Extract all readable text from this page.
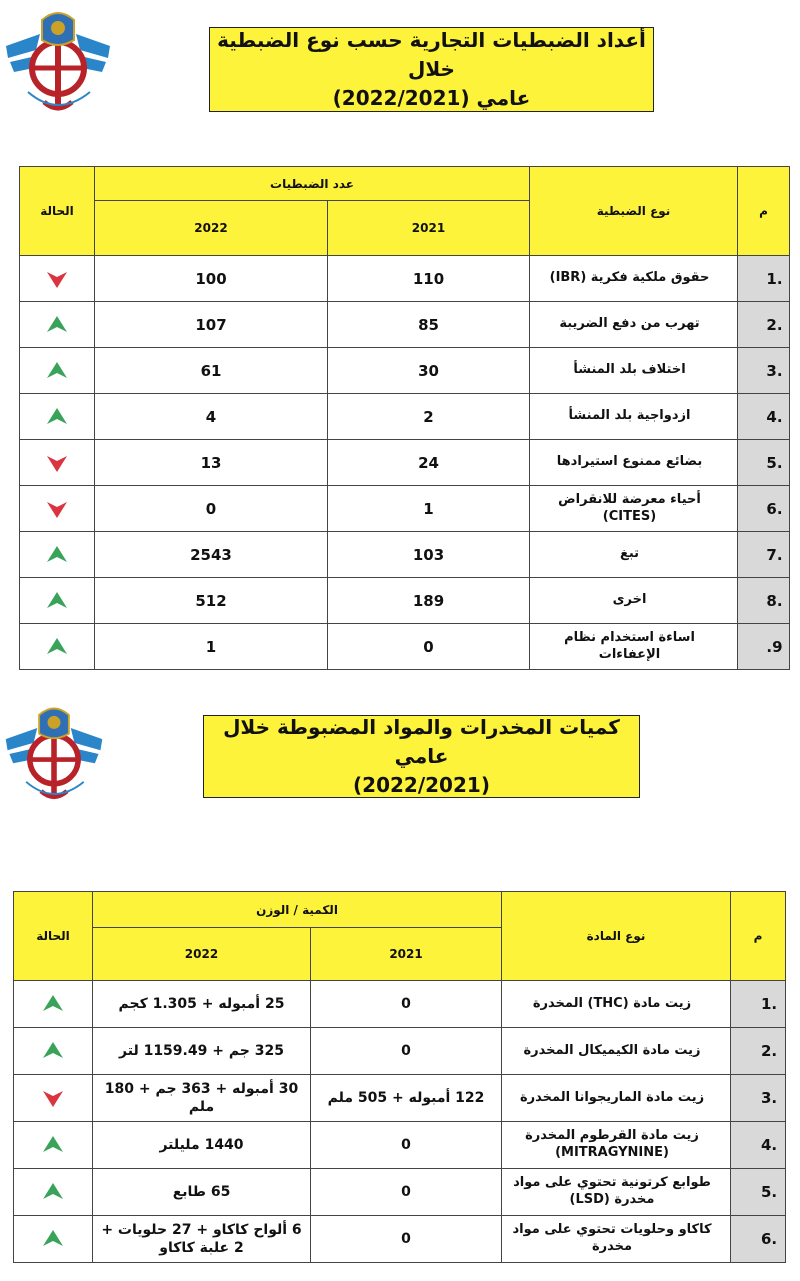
أعداد الضبطيات التجارية حسب نوع الضبطية خلال
عامي (2022/2021)
م	نوع الضبطية	عدد الضبطيات		الحالة
		2021	2022	
1.	حقوق ملكية فكرية (IBR)	110	100	
2.	تهرب من دفع الضريبة	85	107	
3.	اختلاف بلد المنشأ	30	61	
4.	ازدواجية بلد المنشأ	2	4	
5.	بضائع ممنوع استيرادها	24	13	
6.	أحياء معرضة للانقراض (CITES)	1	0	
7.	تبغ	103	2543	
8.	اخرى	189	512	
.9	اساءة استخدام نظام الإعفاءات	0	1	
كميات المخدرات والمواد المضبوطة خلال عامي
(2022/2021)
م	نوع المادة	الكمية / الوزن		الحالة
		2021	2022	
1.	زيت مادة (THC) المخدرة	0	25 أمبوله + 1.305 كجم	
2.	زيت مادة الكيميكال المخدرة	0	325 جم + 1159.49 لتر	
3.	زيت مادة الماريجوانا المخدرة	122 أمبوله + 505 ملم	30 أمبوله + 363 جم + 180 ملم	
4.	زيت مادة القرطوم المخدرة (MITRAGYNINE)	0	1440 مليلتر	
5.	طوابع كرتونية تحتوي على مواد مخدرة (LSD)	0	65 طابع	
6.	كاكاو وحلويات تحتوي على مواد مخدرة	0	6 ألواح كاكاو + 27 حلويات + 2 علبة كاكاو	
